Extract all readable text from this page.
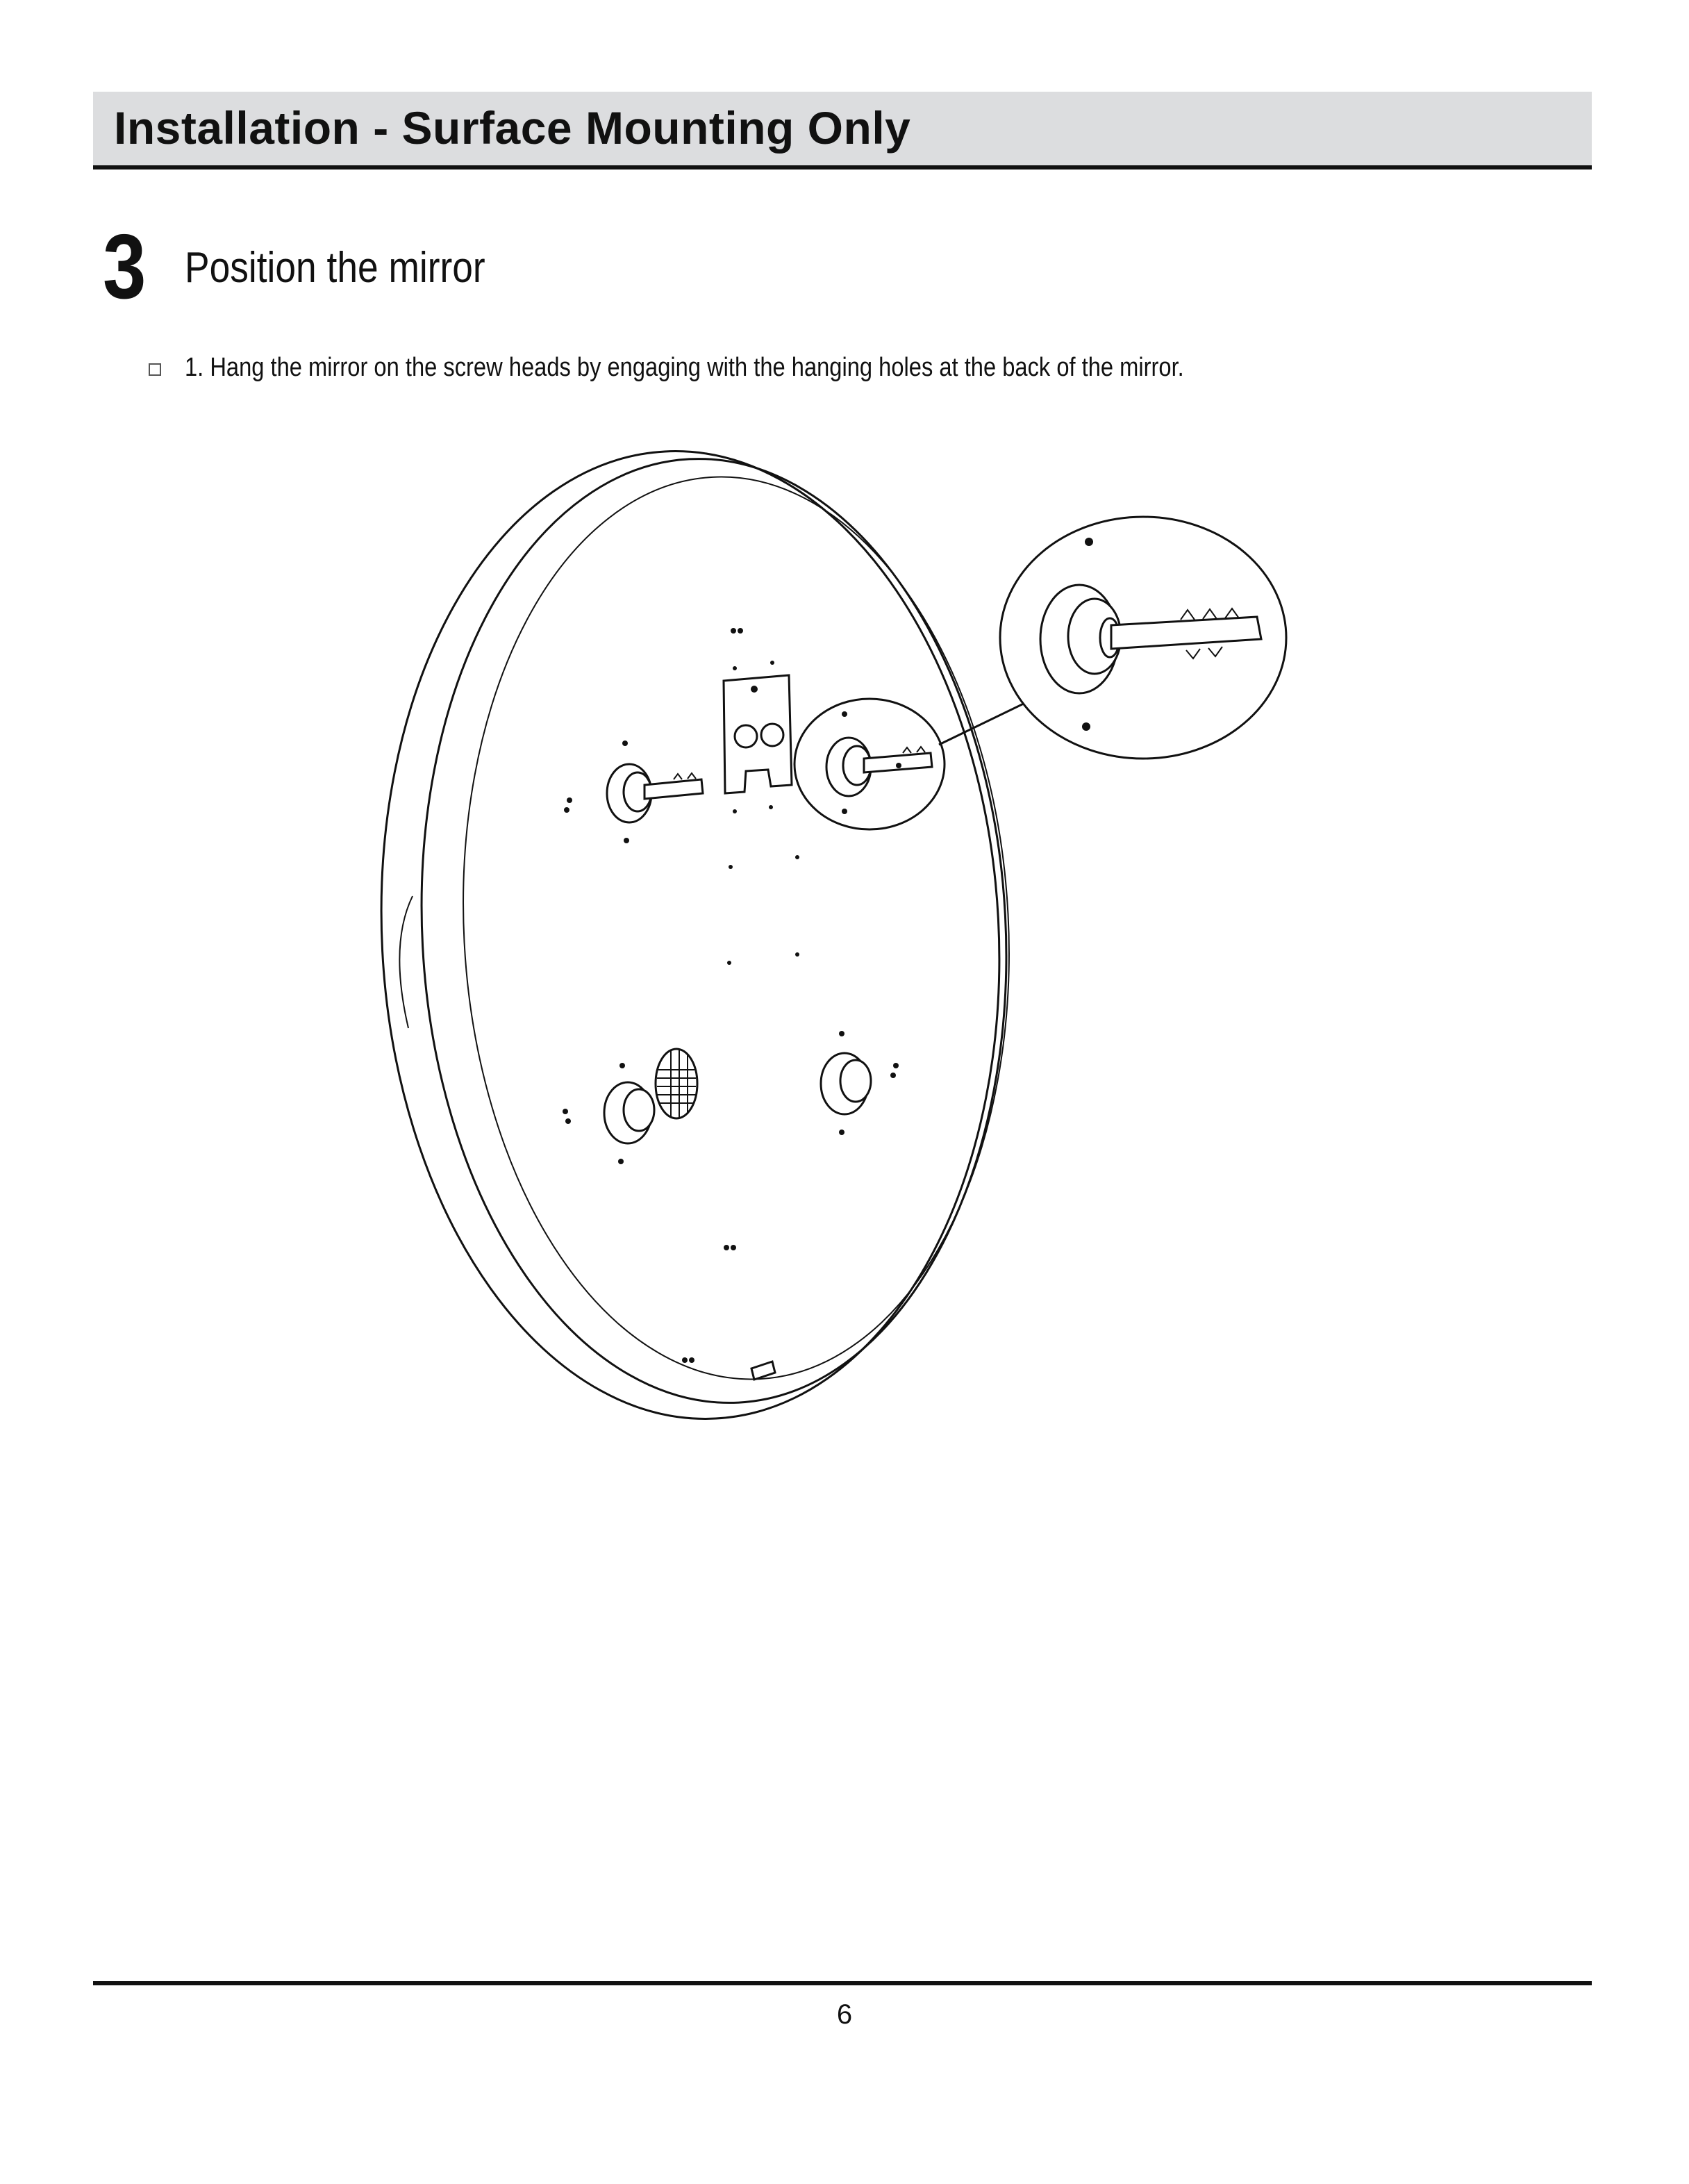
Installation - Surface Mounting Only
3 Position the mirror
1. Hang the mirror on the screw heads by engaging with the hanging holes at the back of the mirror.
6
